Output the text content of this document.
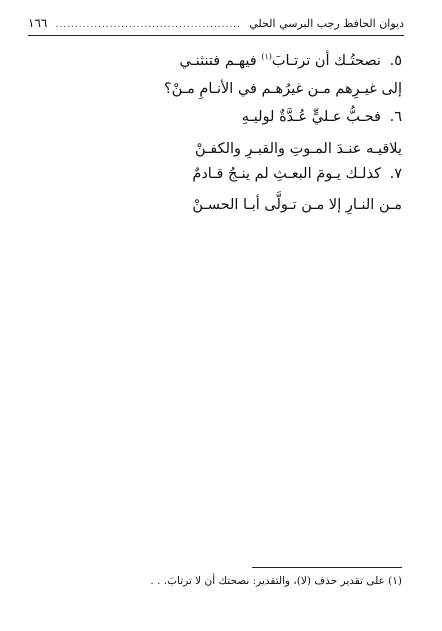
ديوان الحافظ رجب البرسي الحلي
................................................
١٦٦
٥. نصحتُـك أن ترتـابَ$^{(١)}$ فيهـم فتنثنـي
إلى غيـرِهم مـن غيرُهـم في الأنـامِ مـنْ؟
٦. فحـبُّ عـليٍّ عُـدَّةٌ لوليـهِ
يلاقيـه عنـدَ المـوتِ والقبـرِ والكفـنْ
٧. كذلـك يـومَ البعـثِ لم ينـجُ قـادمٌ
مـن النـارِ إلا مـن تـولَّى أبـا الحسـنْ
(١) على تقدير حذف (لا)، والتقدير: نصحتك أن لا ترتابَ. . .
